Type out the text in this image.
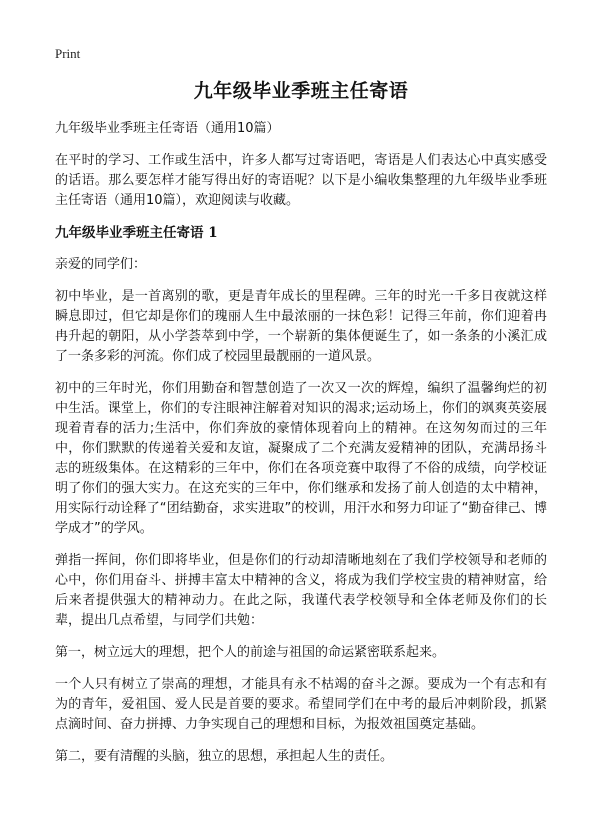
Print
九年级毕业季班主任寄语
九年级毕业季班主任寄语（通用10篇）
在平时的学习、工作或生活中，许多人都写过寄语吧，寄语是人们表达心中真实感受的话语。那么要怎样才能写得出好的寄语呢？以下是小编收集整理的九年级毕业季班主任寄语（通用10篇），欢迎阅读与收藏。
九年级毕业季班主任寄语 1
亲爱的同学们：
初中毕业，是一首离别的歌，更是青年成长的里程碑。三年的时光一千多日夜就这样瞬息即过，但它却是你们的瑰丽人生中最浓丽的一抹色彩！记得三年前，你们迎着冉冉升起的朝阳，从小学荟萃到中学，一个崭新的集体便诞生了，如一条条的小溪汇成了一条多彩的河流。你们成了校园里最靓丽的一道风景。
初中的三年时光，你们用勤奋和智慧创造了一次又一次的辉煌，编织了温馨绚烂的初中生活。课堂上，你们的专注眼神注解着对知识的渴求;运动场上，你们的飒爽英姿展现着青春的活力;生活中，你们奔放的豪情体现着向上的精神。在这匆匆而过的三年中，你们默默的传递着关爱和友谊，凝聚成了二个充满友爱精神的团队，充满昂扬斗志的班级集体。在这精彩的三年中，你们在各项竞赛中取得了不俗的成绩，向学校证明了你们的强大实力。在这充实的三年中，你们继承和发扬了前人创造的太中精神，用实际行动诠释了“团结勤奋，求实进取”的校训，用汗水和努力印证了“勤奋律己、博学成才”的学风。
弹指一挥间，你们即将毕业，但是你们的行动却清晰地刻在了我们学校领导和老师的心中，你们用奋斗、拼搏丰富太中精神的含义，将成为我们学校宝贵的精神财富，给后来者提供强大的精神动力。在此之际，我谨代表学校领导和全体老师及你们的长辈，提出几点希望，与同学们共勉：
第一，树立远大的理想，把个人的前途与祖国的命运紧密联系起来。
一个人只有树立了崇高的理想，才能具有永不枯竭的奋斗之源。要成为一个有志和有为的青年，爱祖国、爱人民是首要的要求。希望同学们在中考的最后冲刺阶段，抓紧点滴时间、奋力拼搏、力争实现自己的理想和目标，为报效祖国奠定基础。
第二，要有清醒的头脑，独立的思想，承担起人生的责任。
